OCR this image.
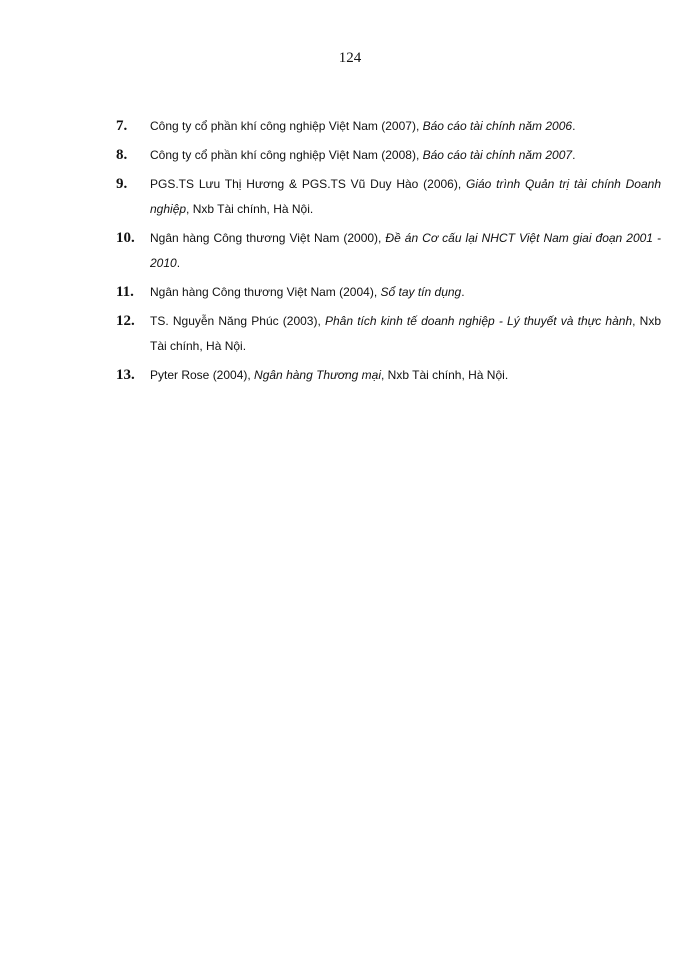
124
7.	Công ty cổ phần khí công nghiệp Việt Nam (2007), Báo cáo tài chính năm 2006.
8.	Công ty cổ phần khí công nghiệp Việt Nam (2008), Báo cáo tài chính năm 2007.
9.	PGS.TS Lưu Thị Hương & PGS.TS Vũ Duy Hào (2006), Giáo trình Quản trị tài chính Doanh nghiệp, Nxb Tài chính, Hà Nội.
10.	Ngân hàng Công thương Việt Nam (2000), Đề án Cơ cấu lại NHCT Việt Nam giai đoạn 2001 - 2010.
11.	Ngân hàng Công thương Việt Nam (2004), Sổ tay tín dụng.
12.	TS. Nguyễn Năng Phúc (2003), Phân tích kinh tế doanh nghiệp - Lý thuyết và thực hành, Nxb Tài chính, Hà Nội.
13.	Pyter Rose (2004), Ngân hàng Thương mại, Nxb Tài chính, Hà Nội.
